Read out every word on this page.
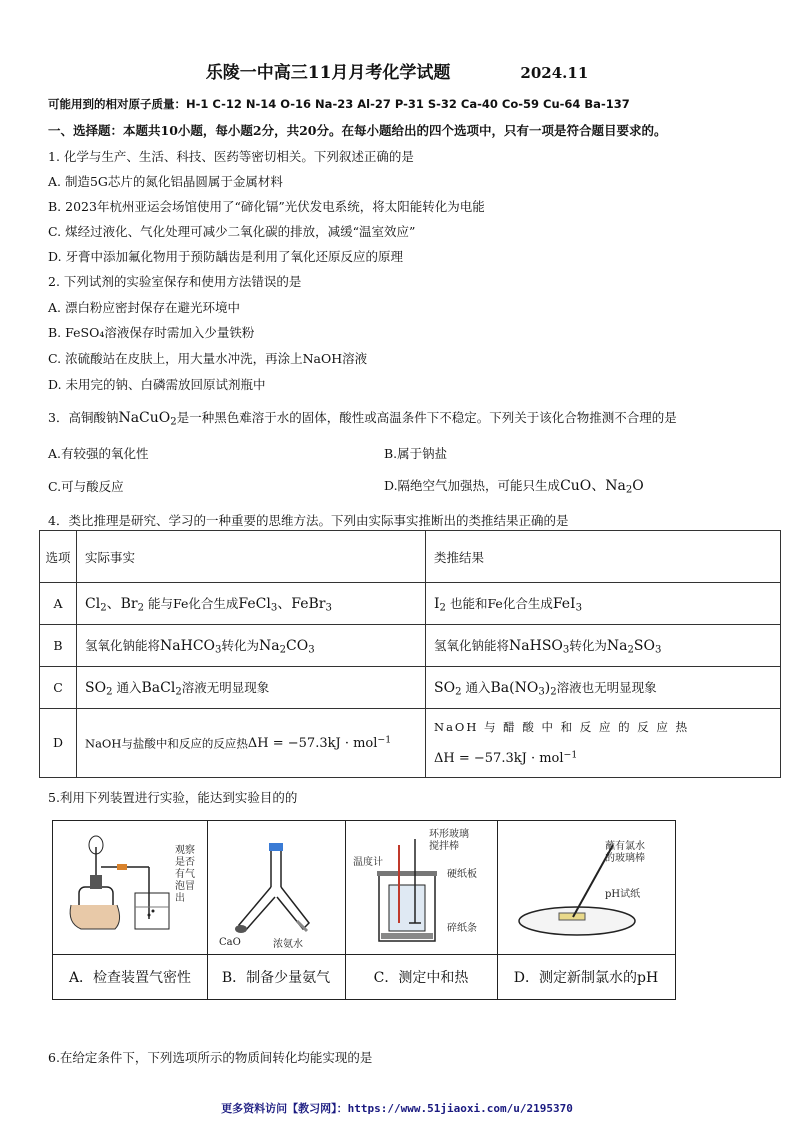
乐陵一中高三11月月考化学试题	2024.11
可能用到的相对原子质量：H-1 C-12 N-14 O-16 Na-23 Al-27 P-31 S-32 Ca-40 Co-59 Cu-64 Ba-137
一、选择题：本题共10小题，每小题2分，共20分。在每小题给出的四个选项中，只有一项是符合题目要求的。
1. 化学与生产、生活、科技、医药等密切相关。下列叙述正确的是
A. 制造5G芯片的氮化铝晶圆属于金属材料
B. 2023年杭州亚运会场馆使用了“碲化镉”光伏发电系统，将太阳能转化为电能
C. 煤经过液化、气化处理可减少二氧化碳的排放，减缓“温室效应”
D. 牙膏中添加氟化物用于预防龋齿是利用了氧化还原反应的原理
2. 下列试剂的实验室保存和使用方法错误的是
A. 漂白粉应密封保存在避光环境中
B. FeSO₄溶液保存时需加入少量铁粉
C. 浓硫酸站在皮肤上，用大量水冲洗，再涂上NaOH溶液
D. 未用完的钠、白磷需放回原试剂瓶中
3．高铜酸钠NaCuO$_2$是一种黑色难溶于水的固体，酸性或高温条件下不稳定。下列关于该化合物推测不合理的是
A.有较强的氧化性	B.属于钠盐
C.可与酸反应	D.隔绝空气加强热，可能只生成CuO、$Na_2O$
4．类比推理是研究、学习的一种重要的思维方法。下列由实际事实推断出的类推结果正确的是
选项	实际事实	类推结果
A	$Cl_2$、$Br_2$ 能与Fe化合生成FeCl$_3$、FeBr$_3$	$I_2$ 也能和Fe化合生成FeI$_3$
B	氢氧化钠能将NaHCO$_3$转化为$Na_2CO_3$	氢氧化钠能将NaHSO$_3$转化为$Na_2SO_3$
C	$SO_2$ 通入BaCl$_2$溶液无明显现象	$SO_2$ 通入$Ba(NO_3)_2$溶液也无明显现象
D	NaOH与盐酸中和反应的反应热ΔH = −57.3kJ · mol$^{-1}$	NaOH 与 醋 酸 中 和 反 应 的 反 应 热
ΔH = −57.3kJ · mol$^{-1}$
5.利用下列装置进行实验，能达到实验目的的
观察
是否
有气
泡冒
出
A．检查装置气密性
CaO	浓氨水
B．制备少量氨气
温度计
环形玻璃
搅拌棒
硬纸板
碎纸条
C．测定中和热
蘸有氯水
的玻璃棒
pH试纸
D．测定新制氯水的pH
6.在给定条件下，下列选项所示的物质间转化均能实现的是
更多资料访问【教习网】：https://www.51jiaoxi.com/u/2195370
